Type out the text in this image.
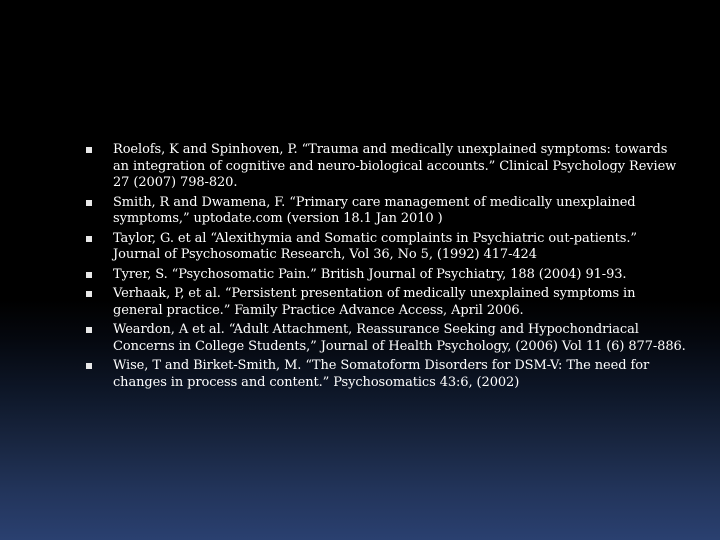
Roelofs, K and Spinhoven, P. “Trauma and medically unexplained symptoms: towards an integration of cognitive and neuro-biological accounts.” Clinical Psychology Review 27 (2007) 798-820.
Smith, R and Dwamena, F. “Primary care management of medically unexplained symptoms,” uptodate.com (version 18.1 Jan 2010 )
Taylor, G. et al “Alexithymia and Somatic complaints in Psychiatric out-patients.” Journal of Psychosomatic Research, Vol 36, No 5, (1992) 417-424
Tyrer, S. “Psychosomatic Pain.” British Journal of Psychiatry, 188 (2004) 91-93.
Verhaak, P, et al. “Persistent presentation of medically unexplained symptoms in general practice.” Family Practice Advance Access, April 2006.
Weardon, A et al. “Adult Attachment, Reassurance Seeking and Hypochondriacal Concerns in College Students,” Journal of Health Psychology, (2006) Vol 11 (6) 877-886.
Wise, T and Birket-Smith, M. “The Somatoform Disorders for DSM-V: The need for changes in process and content.” Psychosomatics 43:6, (2002)
